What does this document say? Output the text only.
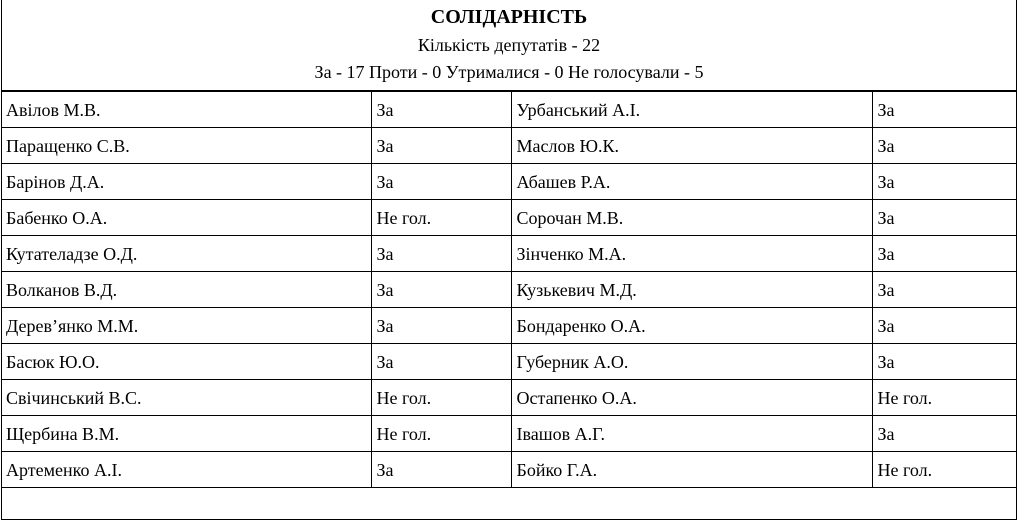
СОЛІДАРНІСТЬ
Кількість депутатів - 22
За - 17 Проти - 0 Утрималися - 0 Не голосували - 5
Авілов М.В.	За	Урбанський А.І.	За
Паращенко С.В.	За	Маслов Ю.К.	За
Барінов Д.А.	За	Абашев Р.А.	За
Бабенко О.А.	Не гол.	Сорочан М.В.	За
Кутателадзе О.Д.	За	Зінченко М.А.	За
Волканов В.Д.	За	Кузькевич М.Д.	За
Дерев’янко М.М.	За	Бондаренко О.А.	За
Басюк Ю.О.	За	Губерник А.О.	За
Свічинський В.С.	Не гол.	Остапенко О.А.	Не гол.
Щербина В.М.	Не гол.	Івашов А.Г.	За
Артеменко А.І.	За	Бойко Г.А.	Не гол.
